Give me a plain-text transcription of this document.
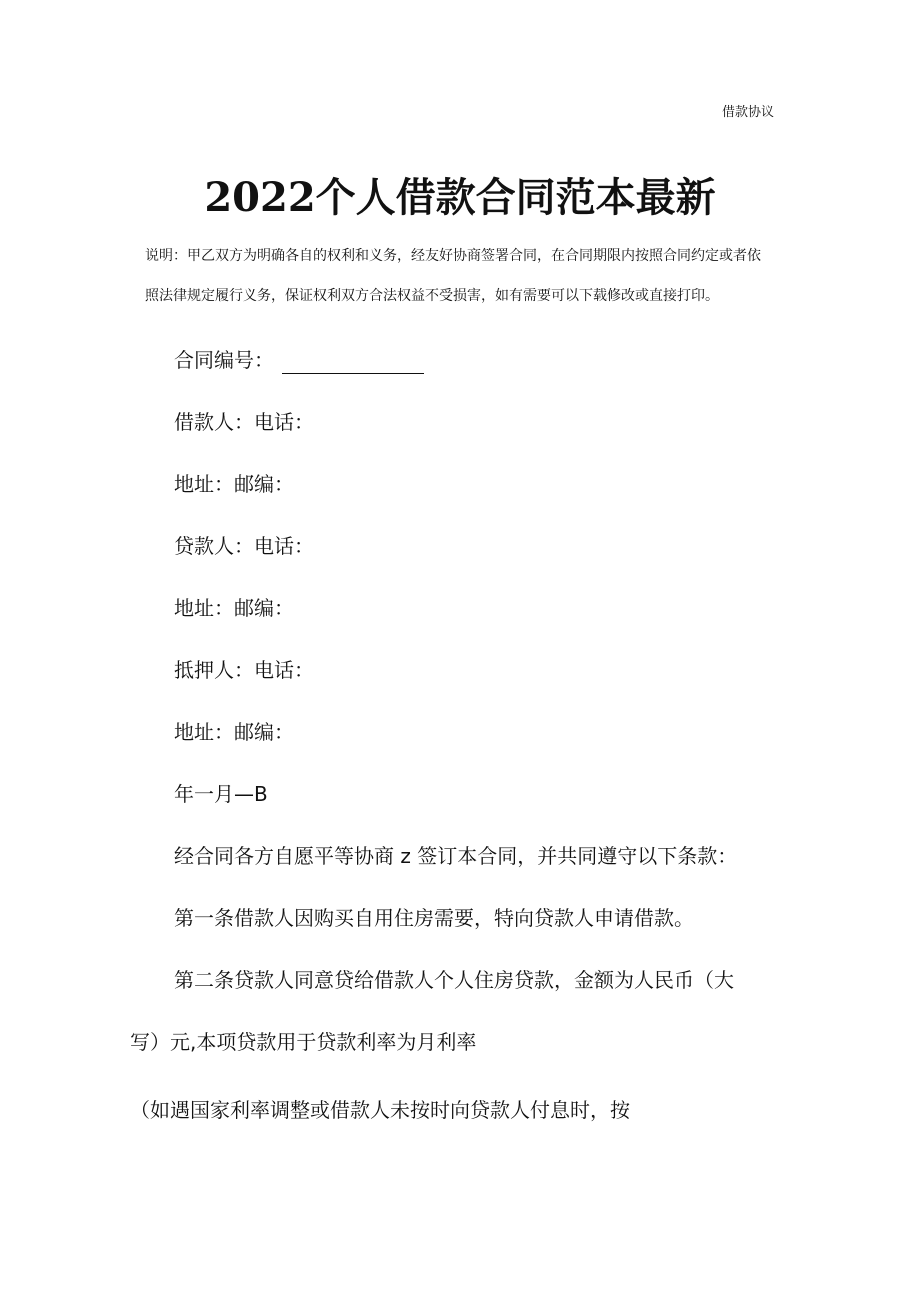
借款协议
2022个人借款合同范本最新
说明：甲乙双方为明确各自的权利和义务，经友好协商签署合同，在合同期限内按照合同约定或者依
照法律规定履行义务，保证权利双方合法权益不受损害，如有需要可以下载修改或直接打印。
合同编号：
借款人：电话：
地址：邮编：
贷款人：电话：
地址：邮编：
抵押人：电话：
地址：邮编：
年一月—B
经合同各方自愿平等协商 z 签订本合同，并共同遵守以下条款：
第一条借款人因购买自用住房需要，特向贷款人申请借款。
第二条贷款人同意贷给借款人个人住房贷款，金额为人民币（大
写）元,本项贷款用于贷款利率为月利率
（如遇国家利率调整或借款人未按时向贷款人付息时，按
